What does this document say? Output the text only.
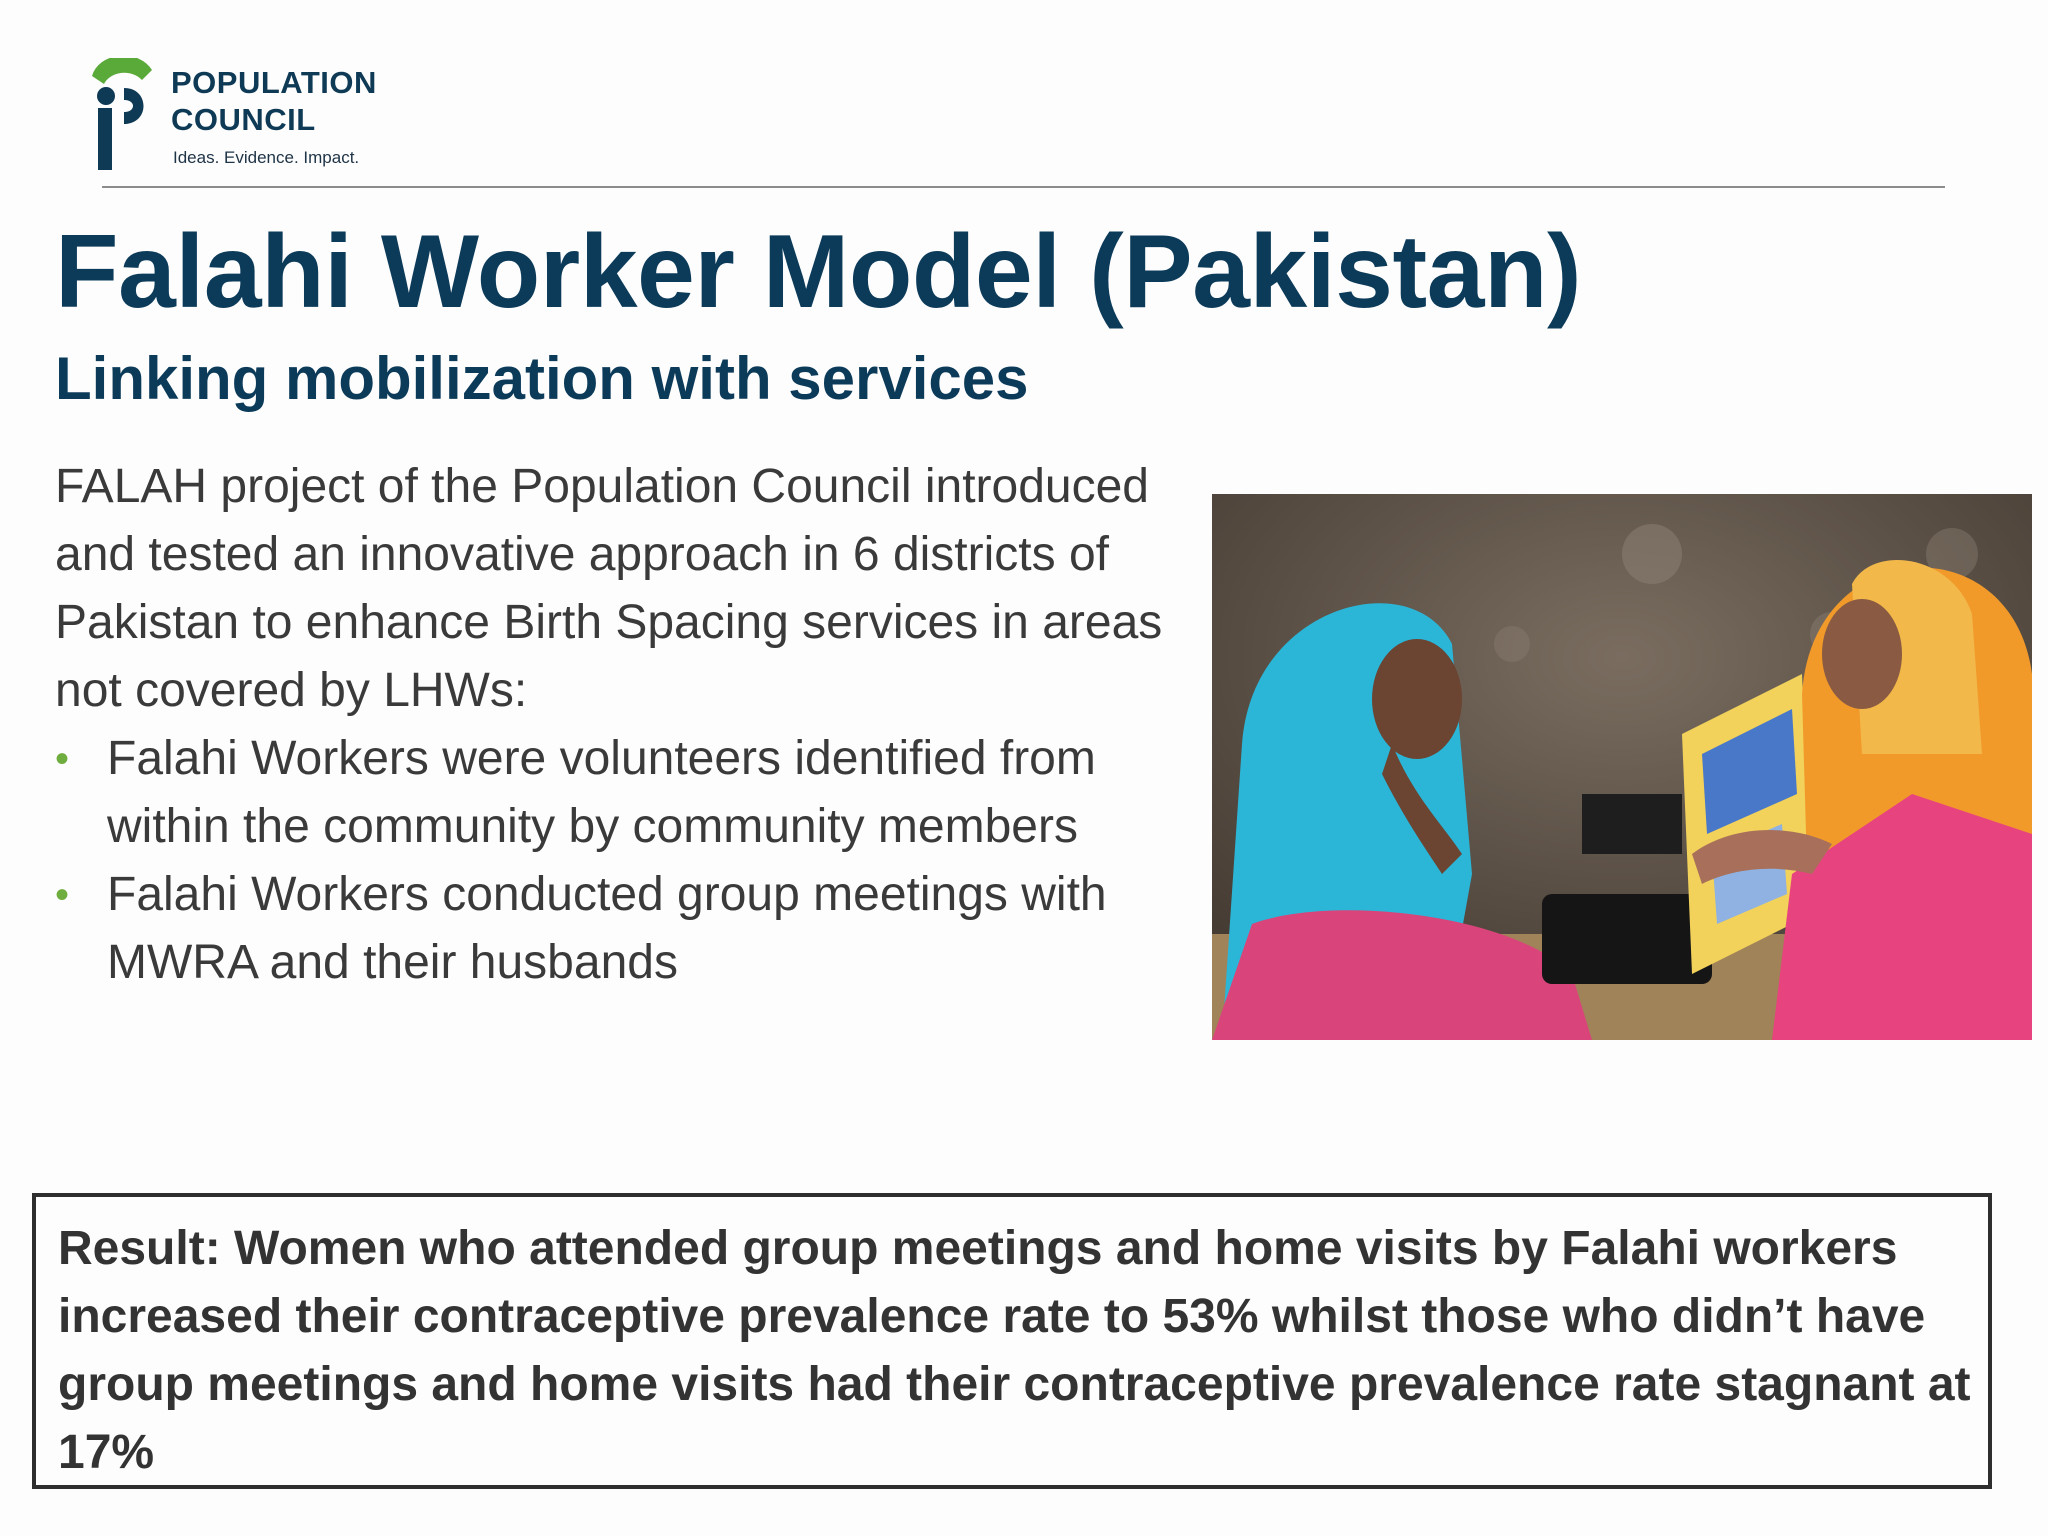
POPULATION
COUNCIL
Ideas. Evidence. Impact.
Falahi Worker Model (Pakistan)
Linking mobilization with services

FALAH project of the Population Council introduced and tested an innovative approach in 6 districts of Pakistan to enhance Birth Spacing services in areas not covered by LHWs:

• Falahi Workers were volunteers identified from within the community by community members
• Falahi Workers conducted group meetings with MWRA and their husbands

Result: Women who attended group meetings and home visits by Falahi workers increased their contraceptive prevalence rate to 53% whilst those who didn’t have group meetings and home visits had their contraceptive prevalence rate stagnant at 17%
